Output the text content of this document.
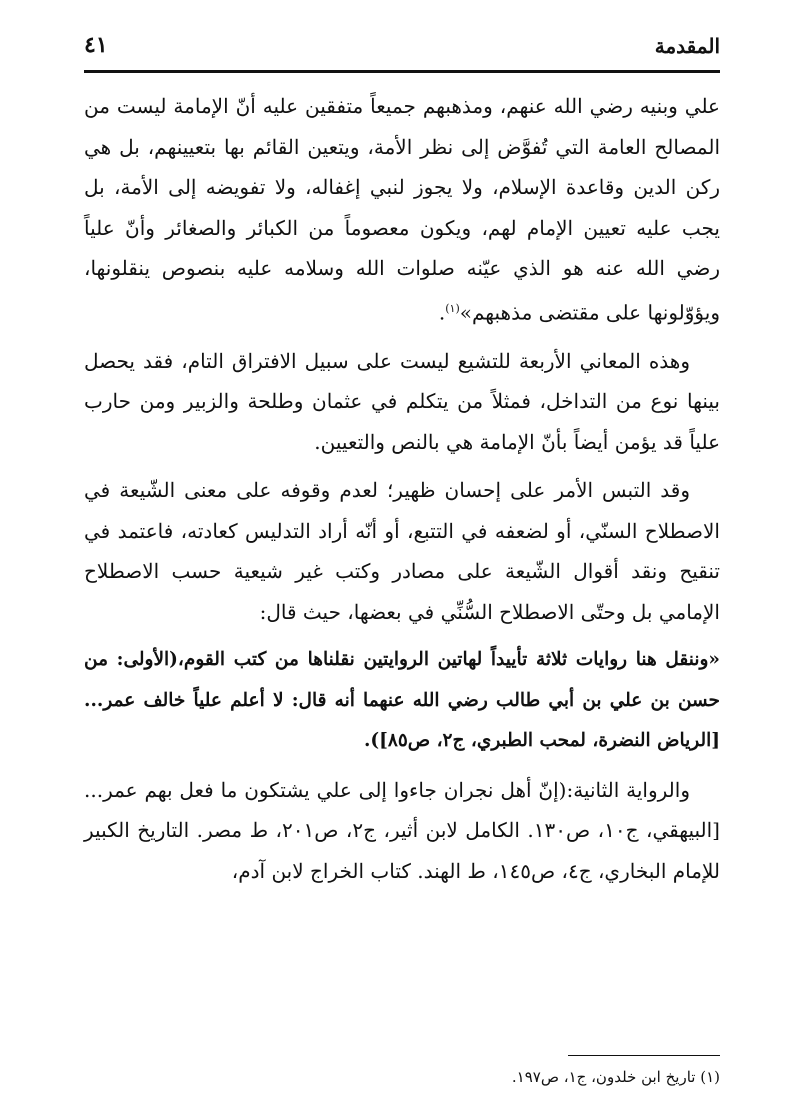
المقدمة
٤١

علي وبنيه رضي الله عنهم، ومذهبهم جميعاً متفقين عليه أنّ الإمامة ليست من المصالح العامة التي تُفوَّض إلى نظر الأمة، ويتعين القائم بها بتعيينهم، بل هي ركن الدين وقاعدة الإسلام، ولا يجوز لنبي إغفاله، ولا تفويضه إلى الأمة، بل يجب عليه تعيين الإمام لهم، ويكون معصوماً من الكبائر والصغائر وأنّ علياً رضي الله عنه هو الذي عيّنه صلوات الله وسلامه عليه بنصوص ينقلونها، ويؤوّلونها على مقتضى مذهبهم»$^{(١)}$.

وهذه المعاني الأربعة للتشيع ليست على سبيل الافتراق التام، فقد يحصل بينها نوع من التداخل، فمثلاً من يتكلم في عثمان وطلحة والزبير ومن حارب علياً قد يؤمن أيضاً بأنّ الإمامة هي بالنص والتعيين.

وقد التبس الأمر على إحسان ظهير؛ لعدم وقوفه على معنى الشّيعة في الاصطلاح السنّي، أو لضعفه في التتبع، أو أنّه أراد التدليس كعادته، فاعتمد في تنقيح ونقد أقوال الشّيعة على مصادر وكتب غير شيعية حسب الاصطلاح الإمامي بل وحتّى الاصطلاح السُّنِّي في بعضها، حيث قال:

«وننقل هنا روايات ثلاثة تأييداً لهاتين الروايتين نقلناها من كتب القوم،(الأولى: من حسن بن علي بن أبي طالب رضي الله عنهما أنه قال: لا أعلم علياً خالف عمر...[الرياض النضرة، لمحب الطبري، ج٢، ص٨٥]).

والرواية الثانية:(إنّ أهل نجران جاءوا إلى علي يشتكون ما فعل بهم عمر...[البيهقي، ج١٠، ص١٣٠. الكامل لابن أثير، ج٢، ص٢٠١، ط مصر. التاريخ الكبير للإمام البخاري، ج٤، ص١٤٥، ط الهند. كتاب الخراج لابن آدم،

(١) تاريخ ابن خلدون، ج١، ص١٩٧.
